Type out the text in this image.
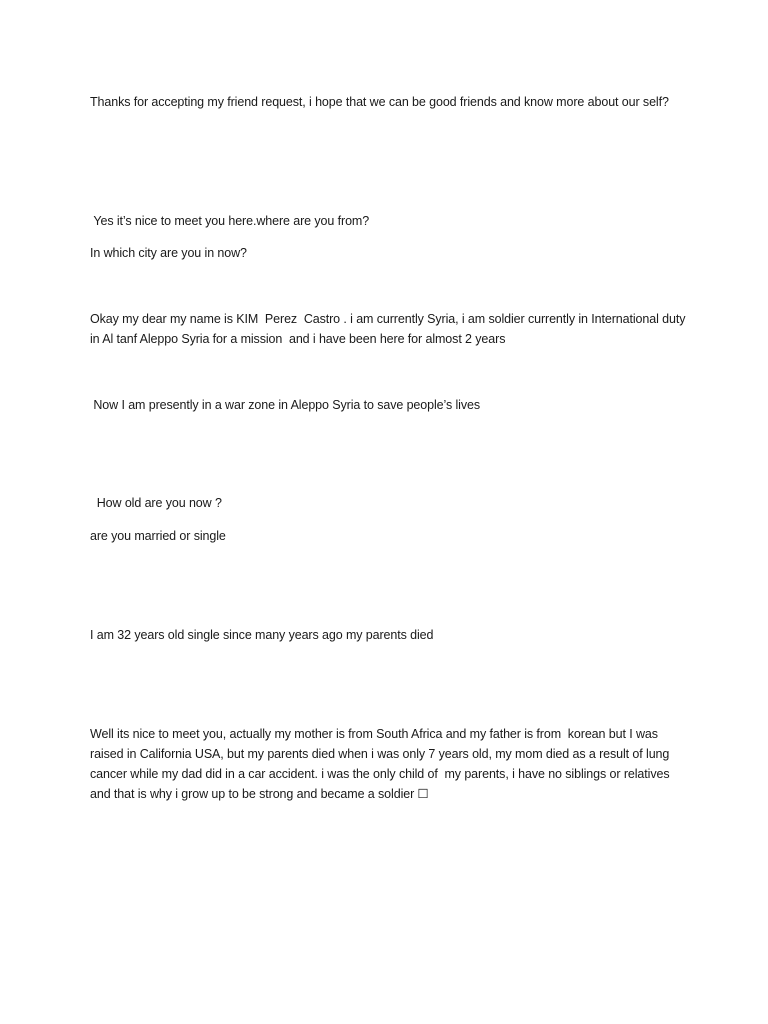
Thanks for accepting my friend request, i hope that we can be good friends and know more about our self?

Yes it’s nice to meet you here.where are you from?

In which city are you in now?

Okay my dear my name is KIM  Perez  Castro . i am currently Syria, i am soldier currently in International duty in Al tanf Aleppo Syria for a mission  and i have been here for almost 2 years

Now I am presently in a war zone in Aleppo Syria to save people’s lives

How old are you now ?

are you married or single

I am 32 years old single since many years ago my parents died

Well its nice to meet you, actually my mother is from South Africa and my father is from  korean but I was raised in California USA, but my parents died when i was only 7 years old, my mom died as a result of lung cancer while my dad did in a car accident. i was the only child of  my parents, i have no siblings or relatives and that is why i grow up to be strong and became a soldier ☐
